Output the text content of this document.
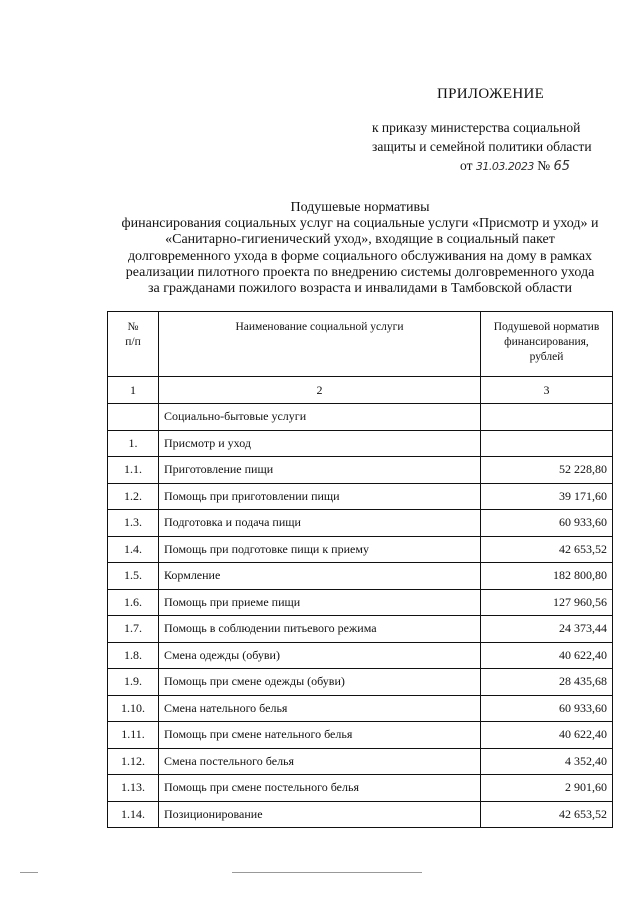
ПРИЛОЖЕНИЕ
к приказу министерства социальной
защиты и семейной политики области
от 31.03.2023 № 65
Подушевые нормативы
финансирования социальных услуг на социальные услуги «Присмотр и уход» и
«Санитарно-гигиенический уход», входящие в социальный пакет
долговременного ухода в форме социального обслуживания на дому в рамках
реализации пилотного проекта по внедрению системы долговременного ухода
за гражданами пожилого возраста и инвалидами в Тамбовской области
№
п/п	Наименование социальной услуги	Подушевой норматив
финансирования,
рублей
1	2	3
	Социально-бытовые услуги	
1.	Присмотр и уход	
1.1.	Приготовление пищи	52 228,80
1.2.	Помощь при приготовлении пищи	39 171,60
1.3.	Подготовка и подача пищи	60 933,60
1.4.	Помощь при подготовке пищи к приему	42 653,52
1.5.	Кормление	182 800,80
1.6.	Помощь при приеме пищи	127 960,56
1.7.	Помощь в соблюдении питьевого режима	24 373,44
1.8.	Смена одежды (обуви)	40 622,40
1.9.	Помощь при смене одежды (обуви)	28 435,68
1.10.	Смена нательного белья	60 933,60
1.11.	Помощь при смене нательного белья	40 622,40
1.12.	Смена постельного белья	4 352,40
1.13.	Помощь при смене постельного белья	2 901,60
1.14.	Позиционирование	42 653,52
